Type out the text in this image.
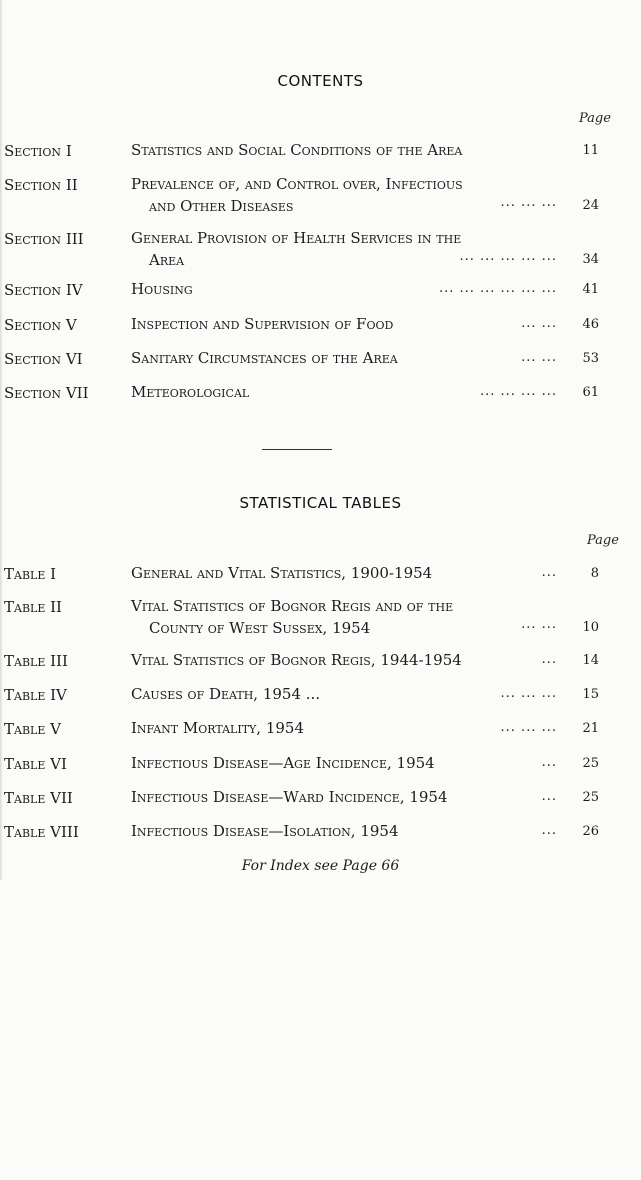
CONTENTS
Page
Section I	Statistics and Social Conditions of the Area	11
Section II	Prevalence of, and Control over, Infectious
and Other Diseases	... ... ...	24
Section III	General Provision of Health Services in the
Area	... ... ... ... ...	34
Section IV	Housing	... ... ... ... ... ...	41
Section V	Inspection and Supervision of Food	... ...	46
Section VI	Sanitary Circumstances of the Area	... ...	53
Section VII	Meteorological	... ... ... ...	61
STATISTICAL TABLES
Page
Table I	General and Vital Statistics, 1900-1954	...	8
Table II	Vital Statistics of Bognor Regis and of the
County of West Sussex, 1954	... ...	10
Table III	Vital Statistics of Bognor Regis, 1944-1954	...	14
Table IV	Causes of Death, 1954 ...	... ... ...	15
Table V	Infant Mortality, 1954	... ... ...	21
Table VI	Infectious Disease—Age Incidence, 1954	...	25
Table VII	Infectious Disease—Ward Incidence, 1954	...	25
Table VIII	Infectious Disease—Isolation, 1954	...	26
For Index see Page 66
